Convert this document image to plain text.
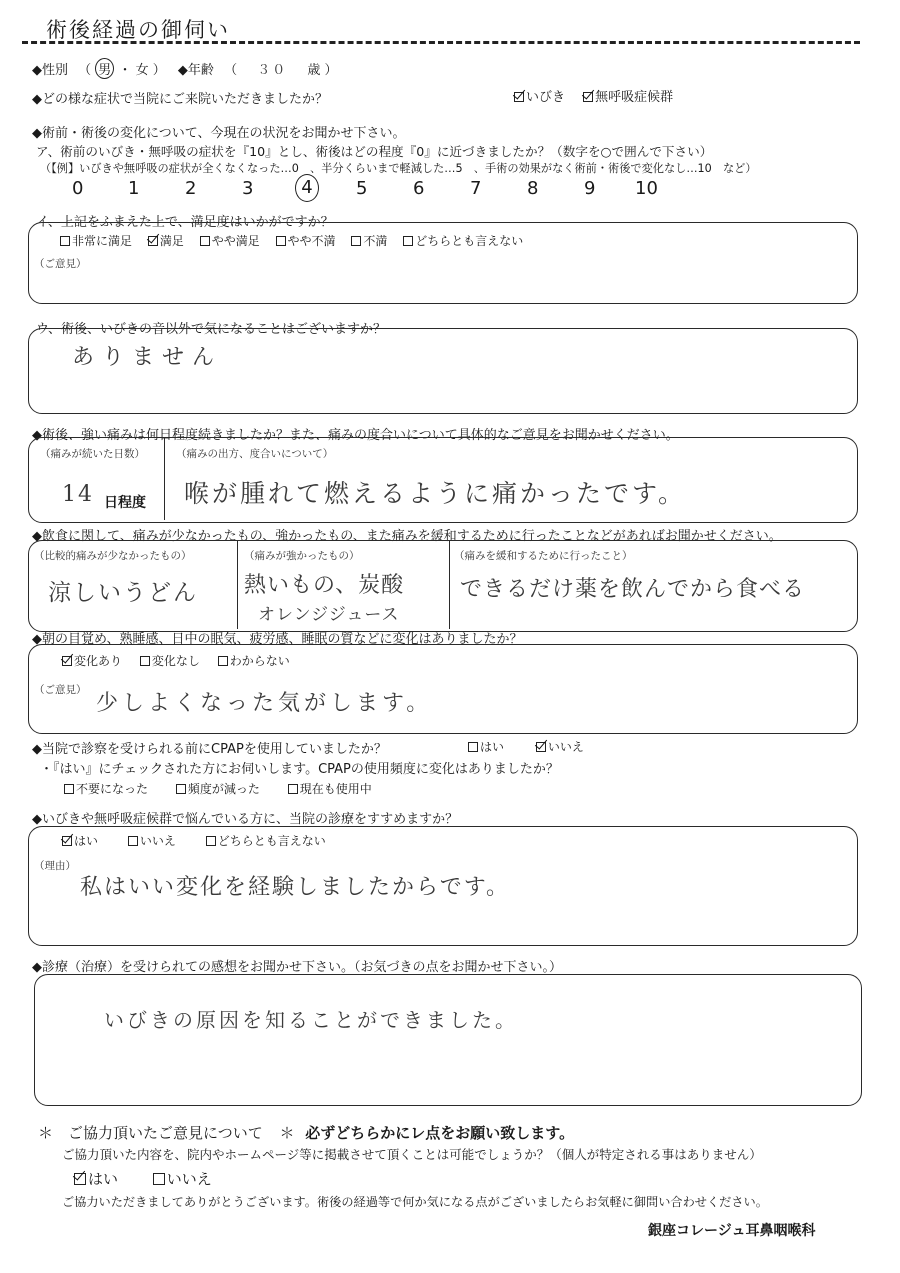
術後経過の御伺い
◆性別 （ 男 ・ 女 ） ◆年齢 （ ３０ 歳 ）
◆どの様な症状で当院にご来院いただきましたか？	いびき 無呼吸症候群
◆術前・術後の変化について、今現在の状況をお聞かせ下さい。
ア、術前のいびき・無呼吸の症状を『10』とし、術後はどの程度『0』に近づきましたか？（数字を○で囲んで下さい）
（【例】いびきや無呼吸の症状が全くなくなった…0　、半分くらいまで軽減した…5　、手術の効果がなく術前・術後で変化なし…10　など）
0 1	2	3	4	5	6	7	8	9 10
イ、上記をふまえた上で、満足度はいかがですか？
非常に満足 満足 やや満足 やや不満 不満 どちらとも言えない
（ご意見）
ウ、術後、いびきの音以外で気になることはございますか？
ありません
◆術後、強い痛みは何日程度続きましたか？また、痛みの度合いについて具体的なご意見をお聞かせください。
（痛みが続いた日数）
14 日程度
（痛みの出方、度合いについて）
喉が腫れて燃えるように痛かったです。
◆飲食に関して、痛みが少なかったもの、強かったもの、また痛みを緩和するために行ったことなどがあればお聞かせください。
（比較的痛みが少なかったもの）
涼しいうどん
（痛みが強かったもの）
熱いもの、炭酸
オレンジジュース
（痛みを緩和するために行ったこと）
できるだけ薬を飲んでから食べる
◆朝の目覚め、熟睡感、日中の眠気、疲労感、睡眠の質などに変化はありましたか？
変化あり 変化なし わからない
（ご意見）
少しよくなった気がします。
◆当院で診察を受けられる前にCPAPを使用していましたか？	はい	いいえ
・『はい』にチェックされた方にお伺いします。CPAPの使用頻度に変化はありましたか？
不要になった	頻度が減った	現在も使用中
◆いびきや無呼吸症候群で悩んでいる方に、当院の診療をすすめますか？
はい	いいえ	どちらとも言えない
（理由）
私はいい変化を経験しましたからです。
◆診療（治療）を受けられての感想をお聞かせ下さい。（お気づきの点をお聞かせ下さい。）
いびきの原因を知ることができました。
＊　ご協力頂いたご意見について ＊ 必ずどちらかにレ点をお願い致します。
ご協力頂いた内容を、院内やホームページ等に掲載させて頂くことは可能でしょうか？（個人が特定される事はありません）
はい	いいえ
ご協力いただきましてありがとうございます。術後の経過等で何か気になる点がございましたらお気軽に御問い合わせください。
銀座コレージュ耳鼻咽喉科
